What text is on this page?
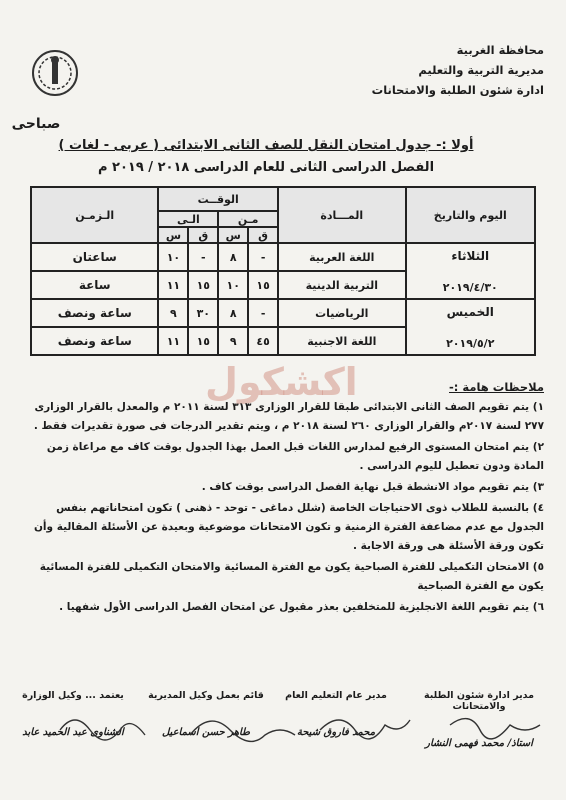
محافظة الغربية
مديرية التربية والتعليم
ادارة شئون الطلبة والامتحانات
صباحى
أولا :- جدول امتحان النقل للصف الثانى الابتدائى ( عربى - لغات )
الفصل الدراسى الثانى للعام الدراسى ٢٠١٨ / ٢٠١٩ م
اليوم والتاريخ	المـــادة	الوقــت				الـزمـن
		مـن		الـى		
		ق	س	ق	س	

الثلاثاء
٢٠١٩/٤/٣٠	اللغة العربية	-	٨	-	١٠	ساعتان
	التربية الدينية	١٥	١٠	١٥	١١	ساعة

الخميس
٢٠١٩/٥/٢	الرياضيات	-	٨	٣٠	٩	ساعة ونصف
	اللغة الاجنبية	٤٥	٩	١٥	١١	ساعة ونصف
اكشكول	ملاحظات هامة :-

١) يتم تقويم الصف الثانى الابتدائى طبقا للقرار الوزارى ٣١٣ لسنة ٢٠١١ م والمعدل بالقرار الوزارى ٢٧٧ لسنة ٢٠١٧م والقرار الوزارى ٢٦٠ لسنة ٢٠١٨ م ، ويتم تقدير الدرجات فى صورة تقديرات فقط .

٢) يتم امتحان المستوى الرفيع لمدارس اللغات قبل العمل بهذا الجدول بوقت كاف مع مراعاة زمن المادة ودون تعطيل لليوم الدراسى .

٣) يتم تقويم مواد الانشطة قبل نهاية الفصل الدراسى بوقت كاف .

٤) بالنسبة للطلاب ذوى الاحتياجات الخاصة (شلل دماغى - توحد - ذهنى ) تكون امتحاناتهم بنفس الجدول مع عدم مضاعفة الفترة الزمنية و تكون الامتحانات موضوعية وبعيدة عن الأسئلة المقالية وأن تكون ورقة الأسئلة هى ورقة الاجابة .

٥) الامتحان التكميلى للفترة الصباحية يكون مع الفترة المسائية والامتحان التكميلى للفترة المسائية يكون مع الفترة الصباحية

٦) يتم تقويم اللغة الانجليزية للمتخلفين بعذر مقبول عن امتحان الفصل الدراسى الأول شفهيا .

مدير ادارة شئون الطلبة والامتحانات
استاذ/ محمد فهمى النشار
مدير عام التعليم العام
محمد فاروق شيحة
قائم بعمل وكيل المديرية
طاهر حسن اسماعيل
يعتمد ... وكيل الوزارة
الشناوى عبد الحميد عابد
